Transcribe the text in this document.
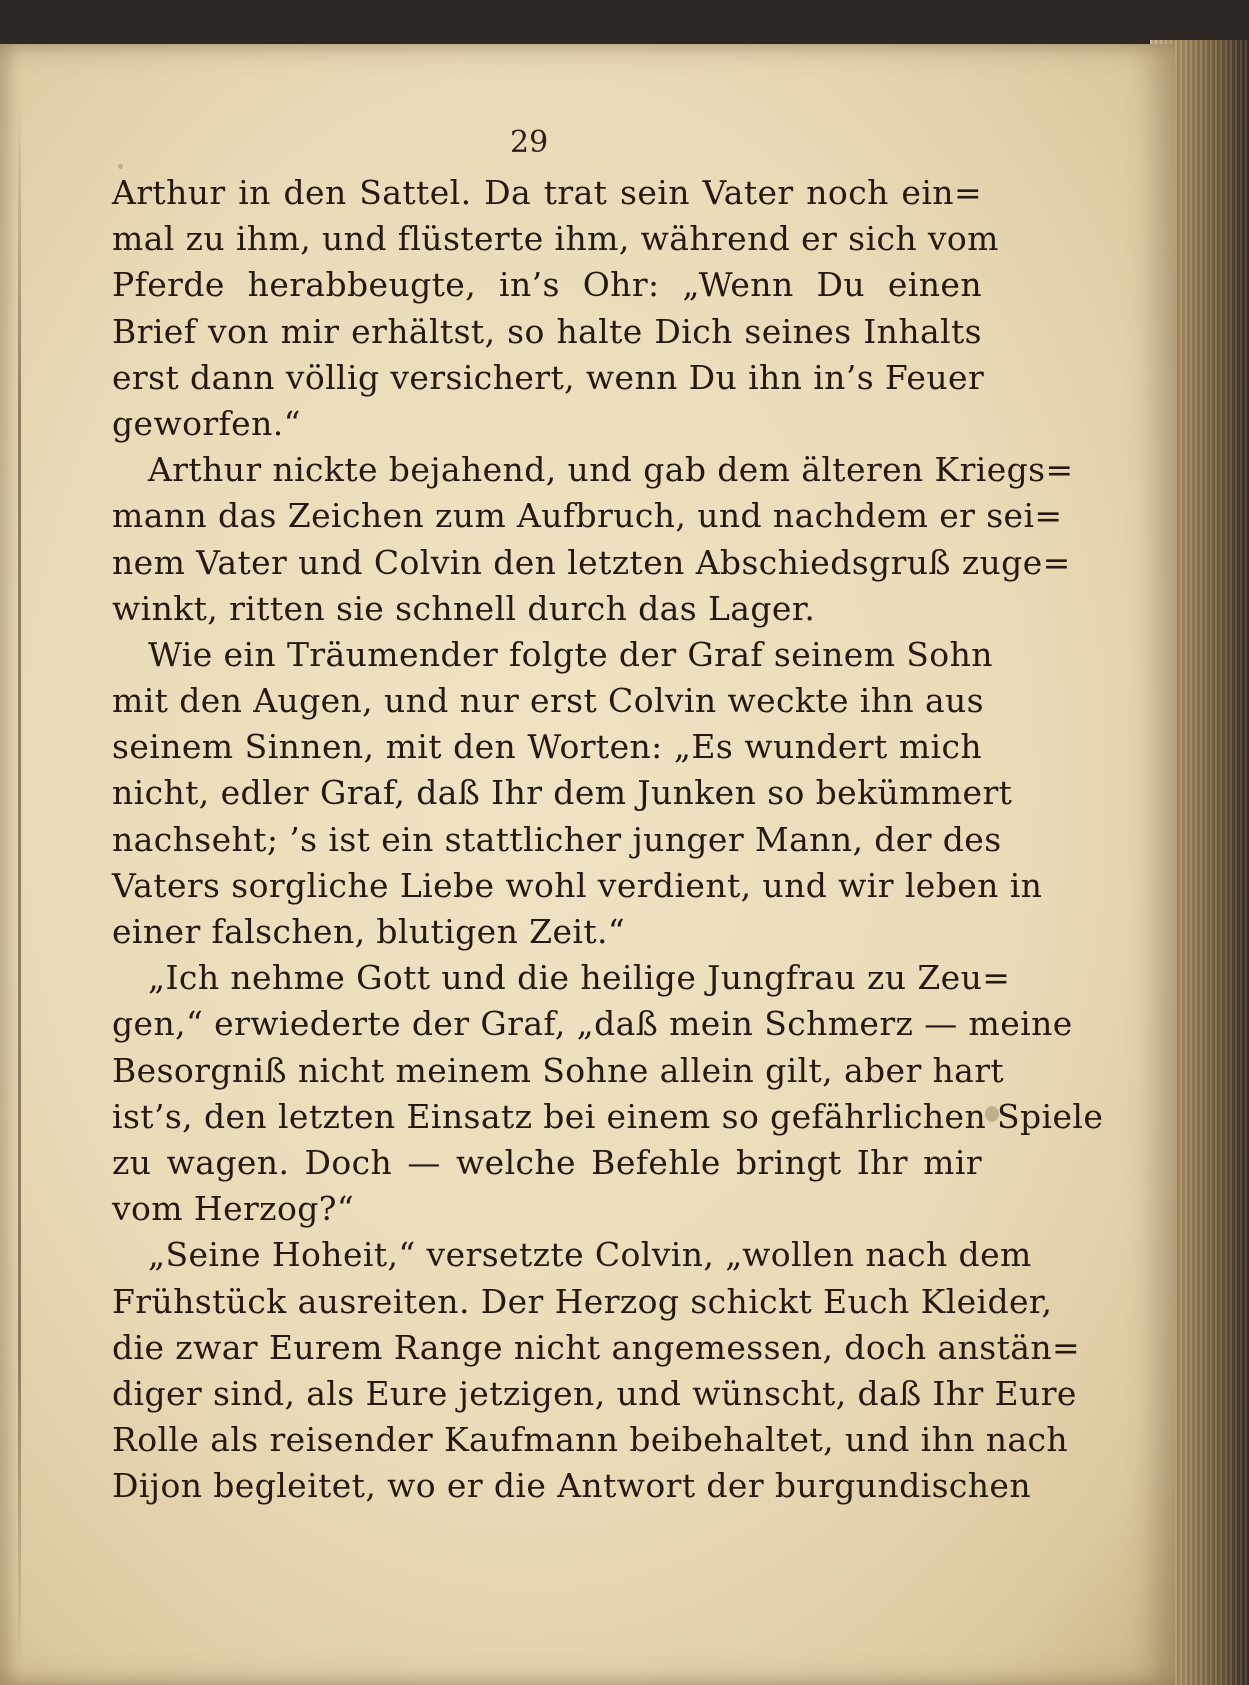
29
Arthur in den Sattel. Da trat sein Vater noch ein=
mal zu ihm, und flüsterte ihm, während er sich vom
Pferde herabbeugte, in’s Ohr: „Wenn Du einen
Brief von mir erhältst, so halte Dich seines Inhalts
erst dann völlig versichert, wenn Du ihn in’s Feuer
geworfen.“
Arthur nickte bejahend, und gab dem älteren Kriegs=
mann das Zeichen zum Aufbruch, und nachdem er sei=
nem Vater und Colvin den letzten Abschiedsgruß zuge=
winkt, ritten sie schnell durch das Lager.
Wie ein Träumender folgte der Graf seinem Sohn
mit den Augen, und nur erst Colvin weckte ihn aus
seinem Sinnen, mit den Worten: „Es wundert mich
nicht, edler Graf, daß Ihr dem Junken so bekümmert
nachseht; ’s ist ein stattlicher junger Mann, der des
Vaters sorgliche Liebe wohl verdient, und wir leben in
einer falschen, blutigen Zeit.“
„Ich nehme Gott und die heilige Jungfrau zu Zeu=
gen,“ erwiederte der Graf, „daß mein Schmerz — meine
Besorgniß nicht meinem Sohne allein gilt, aber hart
ist’s, den letzten Einsatz bei einem so gefährlichen Spiele
zu wagen. Doch — welche Befehle bringt Ihr mir
vom Herzog?“
„Seine Hoheit,“ versetzte Colvin, „wollen nach dem
Frühstück ausreiten. Der Herzog schickt Euch Kleider,
die zwar Eurem Range nicht angemessen, doch anstän=
diger sind, als Eure jetzigen, und wünscht, daß Ihr Eure
Rolle als reisender Kaufmann beibehaltet, und ihn nach
Dijon begleitet, wo er die Antwort der burgundischen
